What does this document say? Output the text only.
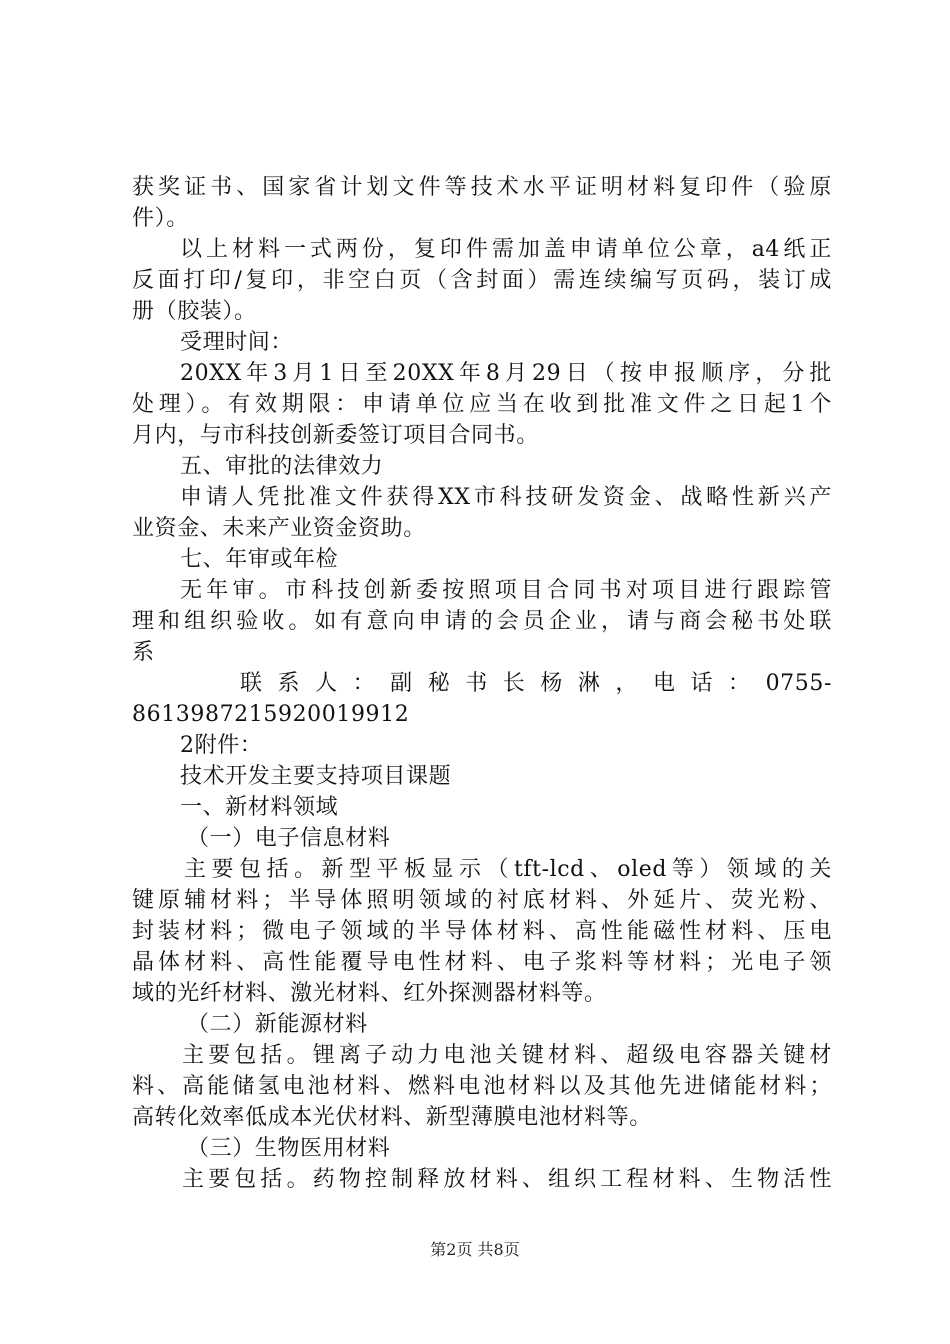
获奖证书、国家省计划文件等技术水平证明材料复印件（验原
件）。
以上材料一式两份，复印件需加盖申请单位公章，a4纸正
反面打印/复印，非空白页（含封面）需连续编写页码，装订成
册（胶装）。
受理时间：
20XX年3月1日至20XX年8月29日（按申报顺序，分批
处理）。有效期限：申请单位应当在收到批准文件之日起1个
月内，与市科技创新委签订项目合同书。
五、审批的法律效力
申请人凭批准文件获得XX市科技研发资金、战略性新兴产
业资金、未来产业资金资助。
七、年审或年检
无年审。市科技创新委按照项目合同书对项目进行跟踪管
理和组织验收。如有意向申请的会员企业，请与商会秘书处联
系
联系人：副秘书长杨淋，电话：0755-
8613987215920019912
2附件：
技术开发主要支持项目课题
一、新材料领域
（一）电子信息材料
主要包括。新型平板显示（tft-lcd、oled等）领域的关
键原辅材料；半导体照明领域的衬底材料、外延片、荧光粉、
封装材料；微电子领域的半导体材料、高性能磁性材料、压电
晶体材料、高性能覆导电性材料、电子浆料等材料；光电子领
域的光纤材料、激光材料、红外探测器材料等。
（二）新能源材料
主要包括。锂离子动力电池关键材料、超级电容器关键材
料、高能储氢电池材料、燃料电池材料以及其他先进储能材料；
高转化效率低成本光伏材料、新型薄膜电池材料等。
（三）生物医用材料
主要包括。药物控制释放材料、组织工程材料、生物活性
第2页 共8页
